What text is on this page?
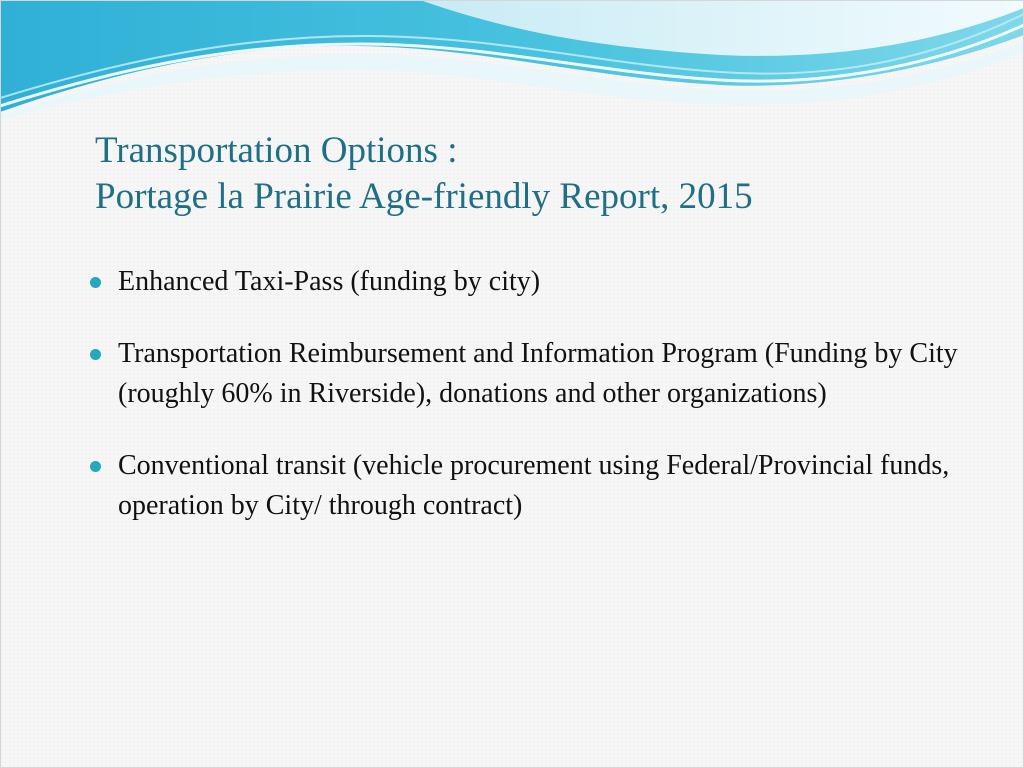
Transportation Options :
Portage la Prairie Age-friendly Report, 2015
Enhanced Taxi-Pass (funding by city)
Transportation Reimbursement and Information Program (Funding by City (roughly 60% in Riverside), donations and other organizations)
Conventional transit (vehicle procurement using Federal/Provincial funds, operation by City/ through contract)
